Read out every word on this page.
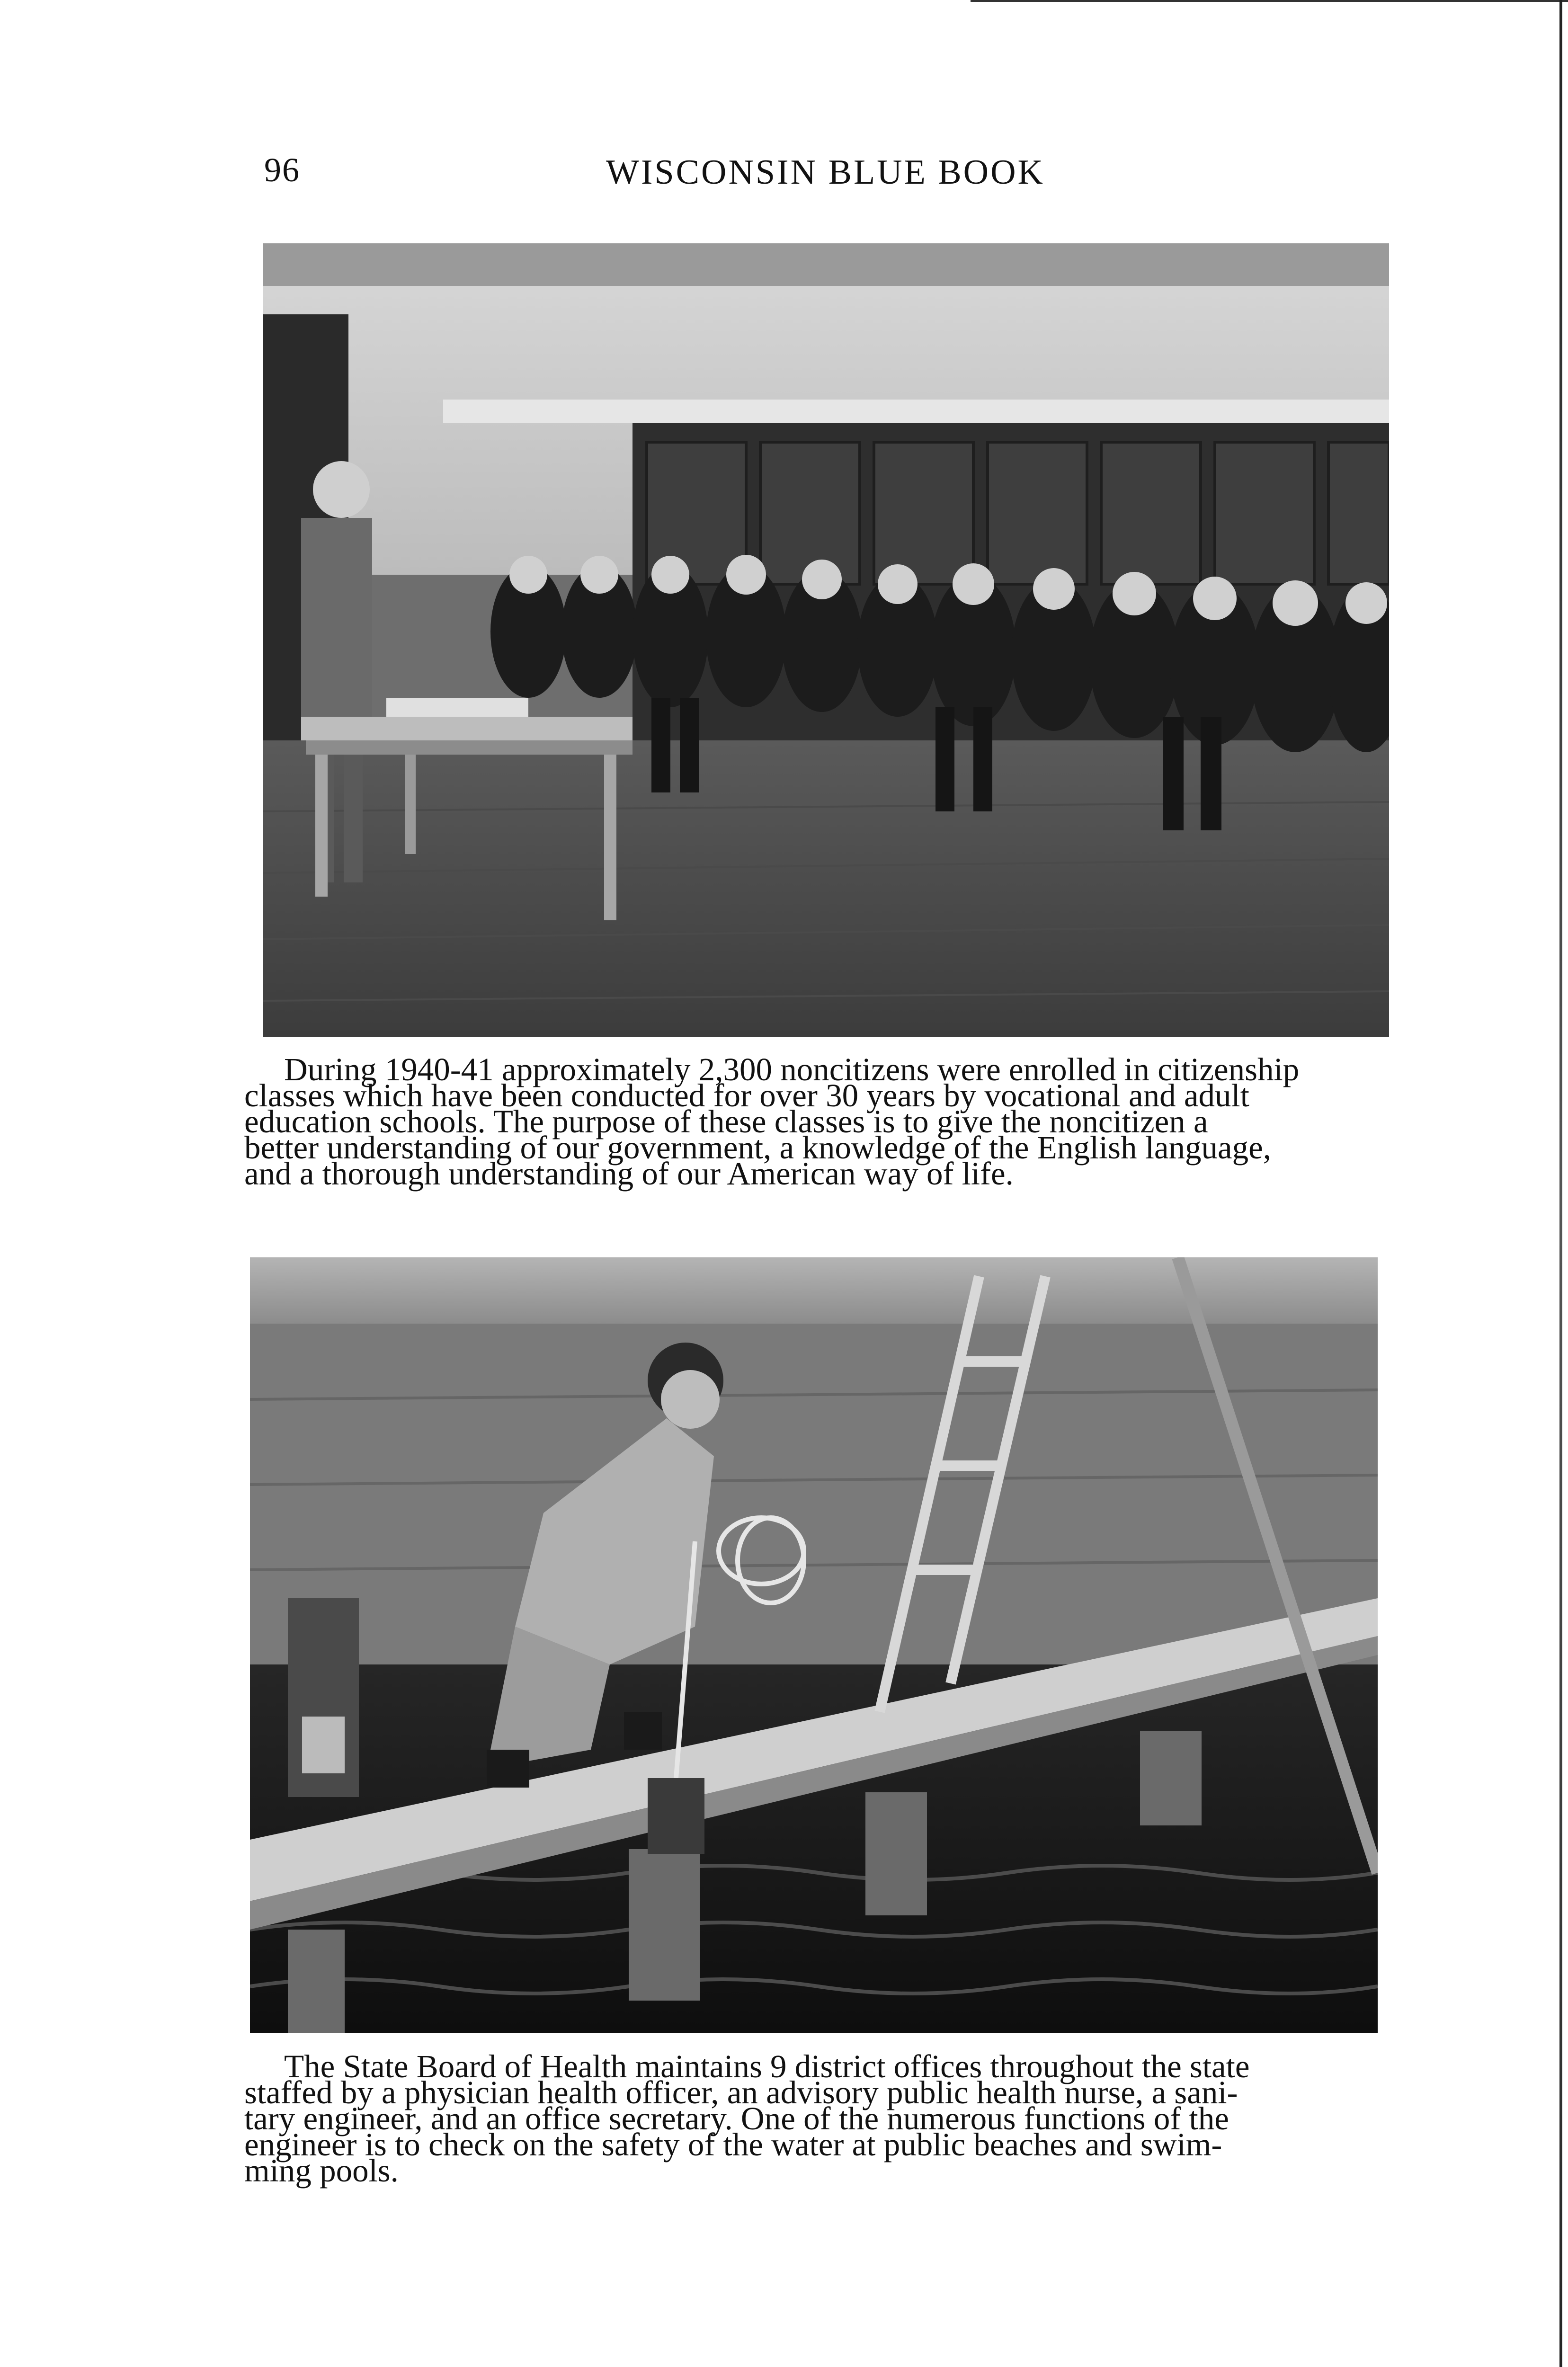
96	WISCONSIN BLUE BOOK

During 1940-41 approximately 2,300 noncitizens were enrolled in citizenship
classes which have been conducted for over 30 years by vocational and adult
education schools. The purpose of these classes is to give the noncitizen a
better understanding of our government, a knowledge of the English language,
and a thorough understanding of our American way of life.

The State Board of Health maintains 9 district offices throughout the state
staffed by a physician health officer, an advisory public health nurse, a sani-
tary engineer, and an office secretary. One of the numerous functions of the
engineer is to check on the safety of the water at public beaches and swim-
ming pools.
